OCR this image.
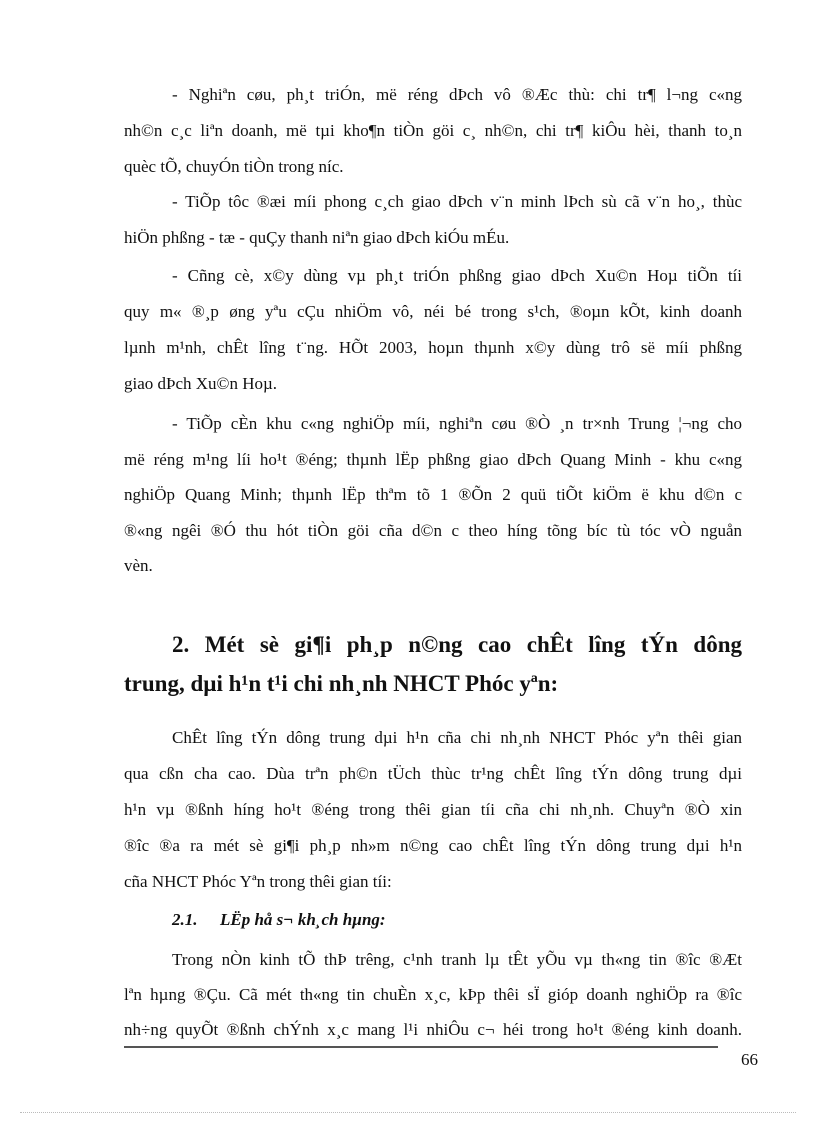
- Nghiªn cøu, ph¸t triÓn, më réng dÞch vô ®Æc thù: chi tr¶ l¬ng c«ng
nh©n c¸c liªn doanh, më tµi kho¶n tiÒn göi c¸ nh©n, chi tr¶ kiÔu hèi, thanh to¸n
quèc tÕ, chuyÓn tiÒn trong níc.
- TiÕp tôc ®æi míi phong c¸ch giao dÞch v¨n minh lÞch sù cã v¨n ho¸, thùc
hiÖn phßng - tæ - quÇy thanh niªn giao dÞch kiÓu mÉu.
- Cñng cè, x©y dùng vµ ph¸t triÓn phßng giao dÞch Xu©n Hoµ tiÕn tíi
quy m« ®¸p øng yªu cÇu nhiÖm vô, néi bé trong s¹ch, ®oµn kÕt, kinh doanh
lµnh m¹nh, chÊt lîng t¨ng. HÕt 2003, hoµn thµnh x©y dùng trô së míi phßng
giao dÞch Xu©n Hoµ.
- TiÕp cÈn khu c«ng nghiÖp míi, nghiªn cøu ®Ò ¸n tr×nh Trung ¦¬ng cho
më réng m¹ng líi ho¹t ®éng; thµnh lËp phßng giao dÞch Quang Minh - khu c«ng
nghiÖp Quang Minh; thµnh lËp thªm tõ 1 ®Õn 2 quü tiÕt kiÖm ë khu d©n c
®«ng ngêi ®Ó thu hót tiÒn göi cña d©n c theo híng tõng bíc tù tóc vÒ nguån
vèn.
2. Mét sè gi¶i ph¸p n©ng cao chÊt lîng tÝn dông
trung, dµi h¹n t¹i chi nh¸nh NHCT Phóc yªn:
ChÊt lîng tÝn dông trung dµi h¹n cña chi nh¸nh NHCT Phóc yªn thêi gian
qua cßn cha cao. Dùa trªn ph©n tÜch thùc tr¹ng chÊt lîng tÝn dông trung dµi
h¹n vµ ®ßnh híng ho¹t ®éng trong thêi gian tíi cña chi nh¸nh. Chuyªn ®Ò xin
®îc ®a ra mét sè gi¶i ph¸p nh»m n©ng cao chÊt lîng tÝn dông trung dµi h¹n
cña NHCT Phóc Yªn trong thêi gian tíi:
2.1. LËp hå s¬ kh¸ch hµng:
Trong nÒn kinh tÕ thÞ trêng, c¹nh tranh lµ tÊt yÕu vµ th«ng tin ®îc ®Æt
lªn hµng ®Çu. Cã mét th«ng tin chuÈn x¸c, kÞp thêi sÏ gióp doanh nghiÖp ra ®îc
nh÷ng quyÕt ®ßnh chÝnh x¸c mang l¹i nhiÔu c¬ héi trong ho¹t ®éng kinh doanh.
66
